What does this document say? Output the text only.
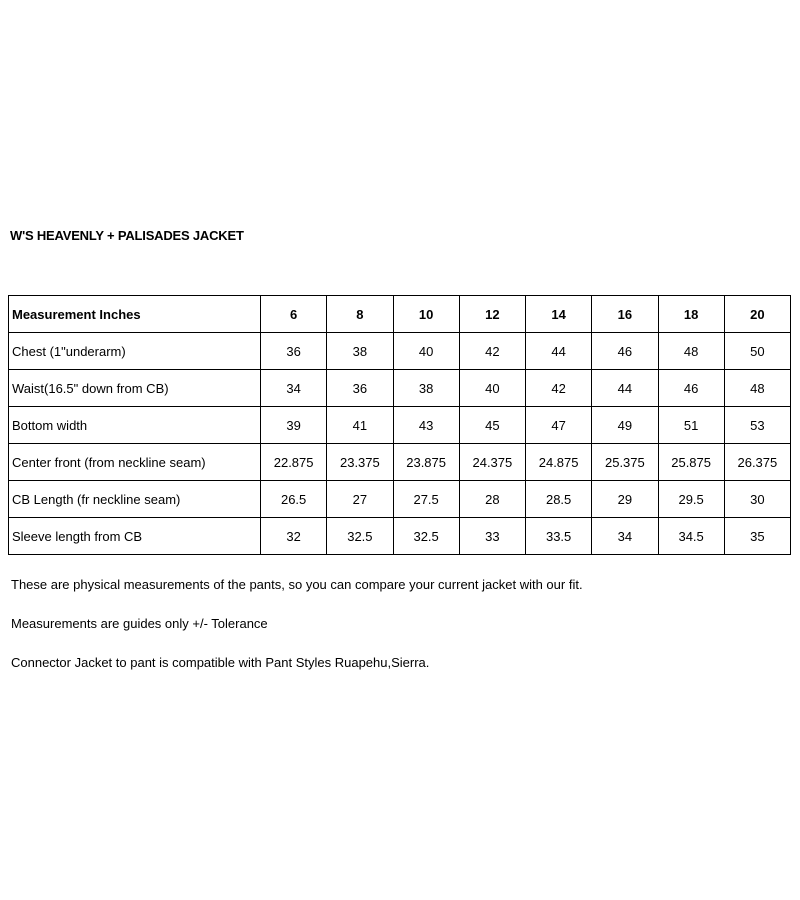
W'S HEAVENLY + PALISADES JACKET
Measurement Inches	6	8	10	12	14	16	18	20
Chest (1"underarm)	36	38	40	42	44	46	48	50
Waist(16.5" down from CB)	34	36	38	40	42	44	46	48
Bottom width	39	41	43	45	47	49	51	53
Center front (from neckline seam)	22.875	23.375	23.875	24.375	24.875	25.375	25.875	26.375
CB Length (fr neckline seam)	26.5	27	27.5	28	28.5	29	29.5	30
Sleeve length from CB	32	32.5	32.5	33	33.5	34	34.5	35
These are physical measurements of the pants, so you can compare your current jacket with our fit.
Measurements are guides only +/- Tolerance
Connector Jacket to pant is compatible with Pant Styles Ruapehu,Sierra.
